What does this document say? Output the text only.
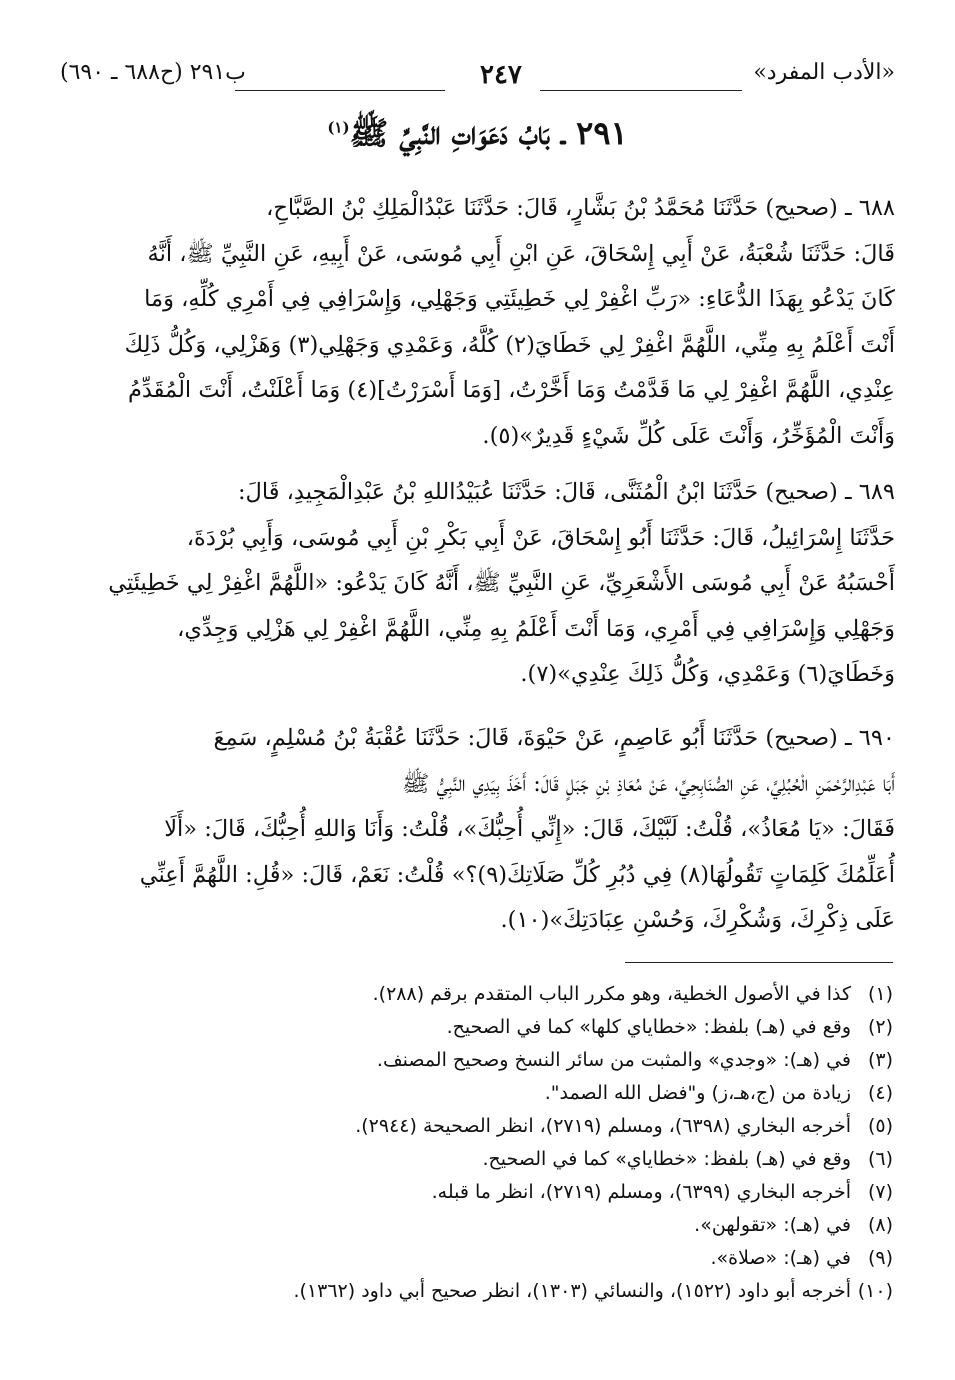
ب٢٩١ (ح٦٨٨ ـ ٦٩٠)	٢٤٧	«الأدب المفرد»
٢٩١ ـ بَابُ دَعَوَاتِ النَّبِيِّ ﷺ$^{(١)}$
٦٨٨ ـ (صحيح) حَدَّثَنَا مُحَمَّدُ بْنُ بَشَّارٍ، قَالَ: حَدَّثَنَا عَبْدُالْمَلِكِ بْنُ الصَّبَّاحِ،
قَالَ: حَدَّثَنَا شُعْبَةُ، عَنْ أَبِي إِسْحَاقَ، عَنِ ابْنِ أَبِي مُوسَى، عَنْ أَبِيهِ، عَنِ النَّبِيِّ ﷺ، أَنَّهُ
كَانَ يَدْعُو بِهَذَا الدُّعَاءِ: «رَبِّ اغْفِرْ لِي خَطِيئَتِي وَجَهْلِي، وَإِسْرَافِي فِي أَمْرِي كُلِّهِ، وَمَا
أَنْتَ أَعْلَمُ بِهِ مِنِّي، اللَّهُمَّ اغْفِرْ لِي خَطَايَ(٢) كُلَّهُ، وَعَمْدِي وَجَهْلِي(٣) وَهَزْلِي، وَكُلُّ ذَلِكَ
عِنْدِي، اللَّهُمَّ اغْفِرْ لِي مَا قَدَّمْتُ وَمَا أَخَّرْتُ، [وَمَا أَسْرَرْتُ](٤) وَمَا أَعْلَنْتُ، أَنْتَ الْمُقَدِّمُ
وَأَنْتَ الْمُؤَخِّرُ، وَأَنْتَ عَلَى كُلِّ شَيْءٍ قَدِيرٌ»(٥).
٦٨٩ ـ (صحيح) حَدَّثَنَا ابْنُ الْمُثَنَّى، قَالَ: حَدَّثَنَا عُبَيْدُاللهِ بْنُ عَبْدِالْمَجِيدِ، قَالَ:
حَدَّثَنَا إِسْرَائِيلُ، قَالَ: حَدَّثَنَا أَبُو إِسْحَاقَ، عَنْ أَبِي بَكْرِ بْنِ أَبِي مُوسَى، وَأَبِي بُرْدَةَ،
أَحْسَبُهُ عَنْ أَبِي مُوسَى الأَشْعَرِيِّ، عَنِ النَّبِيِّ ﷺ، أَنَّهُ كَانَ يَدْعُو: «اللَّهُمَّ اغْفِرْ لِي خَطِيئَتِي
وَجَهْلِي وَإِسْرَافِي فِي أَمْرِي، وَمَا أَنْتَ أَعْلَمُ بِهِ مِنِّي، اللَّهُمَّ اغْفِرْ لِي هَزْلِي وَجِدِّي،
وَخَطَايَ(٦) وَعَمْدِي، وَكُلُّ ذَلِكَ عِنْدِي»(٧).
٦٩٠ ـ (صحيح) حَدَّثَنَا أَبُو عَاصِمٍ، عَنْ حَيْوَةَ، قَالَ: حَدَّثَنَا عُقْبَةُ بْنُ مُسْلِمٍ، سَمِعَ
أَبَا عَبْدِالرَّحْمَنِ الْحُبُلِيَّ، عَنِ الصُّنَابِحِيِّ، عَنْ مُعَاذِ بْنِ جَبَلٍ قَالَ: أَخَذَ بِيَدِي النَّبِيُّ ﷺ
فَقَالَ: «يَا مُعَاذُ»، قُلْتُ: لَبَّيْكَ، قَالَ: «إِنِّي أُحِبُّكَ»، قُلْتُ: وَأَنَا وَاللهِ أُحِبُّكَ، قَالَ: «أَلَا
أُعَلِّمُكَ كَلِمَاتٍ تَقُولُهَا(٨) فِي دُبُرِ كُلِّ صَلَاتِكَ(٩)؟» قُلْتُ: نَعَمْ، قَالَ: «قُلِ: اللَّهُمَّ أَعِنِّي
عَلَى ذِكْرِكَ، وَشُكْرِكَ، وَحُسْنِ عِبَادَتِكَ»(١٠).
(١)كذا في الأصول الخطية، وهو مكرر الباب المتقدم برقم (٢٨٨).
(٢)وقع في (هـ) بلفظ: «خطاياي كلها» كما في الصحيح.
(٣)في (هـ): «وجدي» والمثبت من سائر النسخ وصحيح المصنف.
(٤)زيادة من (ج،هـ،ز) و"فضل الله الصمد".
(٥)أخرجه البخاري (٦٣٩٨)، ومسلم (٢٧١٩)، انظر الصحيحة (٢٩٤٤).
(٦)وقع في (هـ) بلفظ: «خطاياي» كما في الصحيح.
(٧)أخرجه البخاري (٦٣٩٩)، ومسلم (٢٧١٩)، انظر ما قبله.
(٨)في (هـ): «تقولهن».
(٩)في (هـ): «صلاة».
(١٠)أخرجه أبو داود (١٥٢٢)، والنسائي (١٣٠٣)، انظر صحيح أبي داود (١٣٦٢).
